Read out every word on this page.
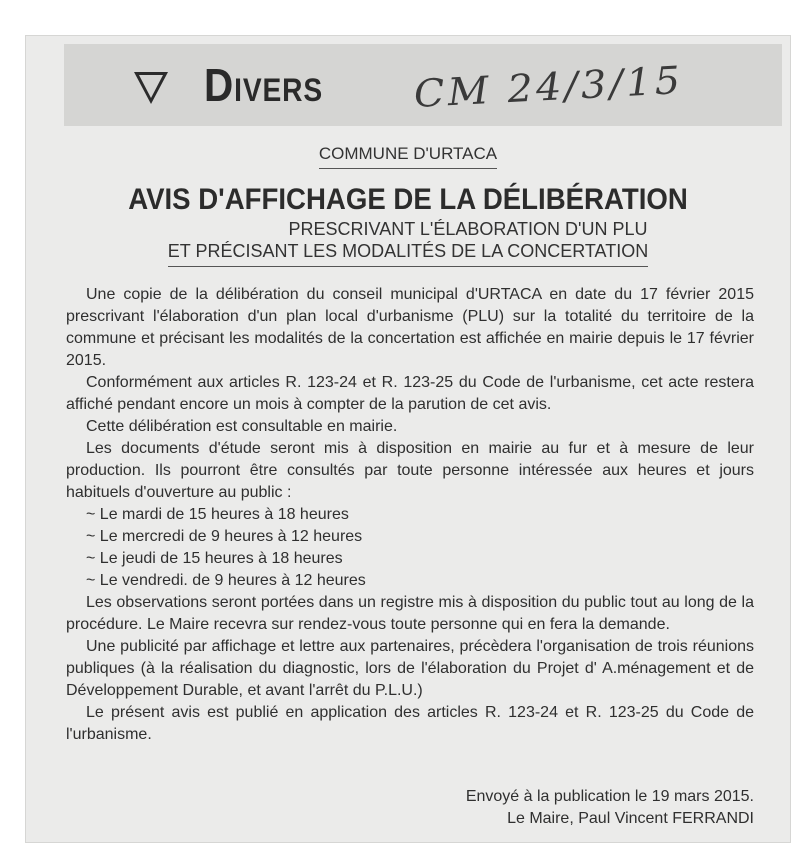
Divers CM 24/3/15
COMMUNE D'URTACA
AVIS D'AFFICHAGE DE LA DÉLIBÉRATION
PRESCRIVANT L'ÉLABORATION D'UN PLU
ET PRÉCISANT LES MODALITÉS DE LA CONCERTATION

Une copie de la délibération du conseil municipal d'URTACA en date du 17 février 2015 prescrivant l'élaboration d'un plan local d'urbanisme (PLU) sur la totalité du territoire de la commune et précisant les modalités de la concertation est affichée en mairie depuis le 17 février 2015.

Conformément aux articles R. 123-24 et R. 123-25 du Code de l'urbanisme, cet acte restera affiché pendant encore un mois à compter de la parution de cet avis.

Cette délibération est consultable en mairie.

Les documents d'étude seront mis à disposition en mairie au fur et à mesure de leur production. Ils pourront être consultés par toute personne intéressée aux heures et jours habituels d'ouverture au public :

~ Le mardi de 15 heures à 18 heures
~ Le mercredi de 9 heures à 12 heures
~ Le jeudi de 15 heures à 18 heures
~ Le vendredi. de 9 heures à 12 heures

Les observations seront portées dans un registre mis à disposition du public tout au long de la procédure. Le Maire recevra sur rendez-vous toute personne qui en fera la demande.

Une publicité par affichage et lettre aux partenaires, précèdera l'organisation de trois réunions publiques (à la réalisation du diagnostic, lors de l'élaboration du Projet d' A.ménagement et de Développement Durable, et avant l'arrêt du P.L.U.)

Le présent avis est publié en application des articles R. 123-24 et R. 123-25 du Code de l'urbanisme.

Envoyé à la publication le 19 mars 2015.
Le Maire, Paul Vincent FERRANDI
